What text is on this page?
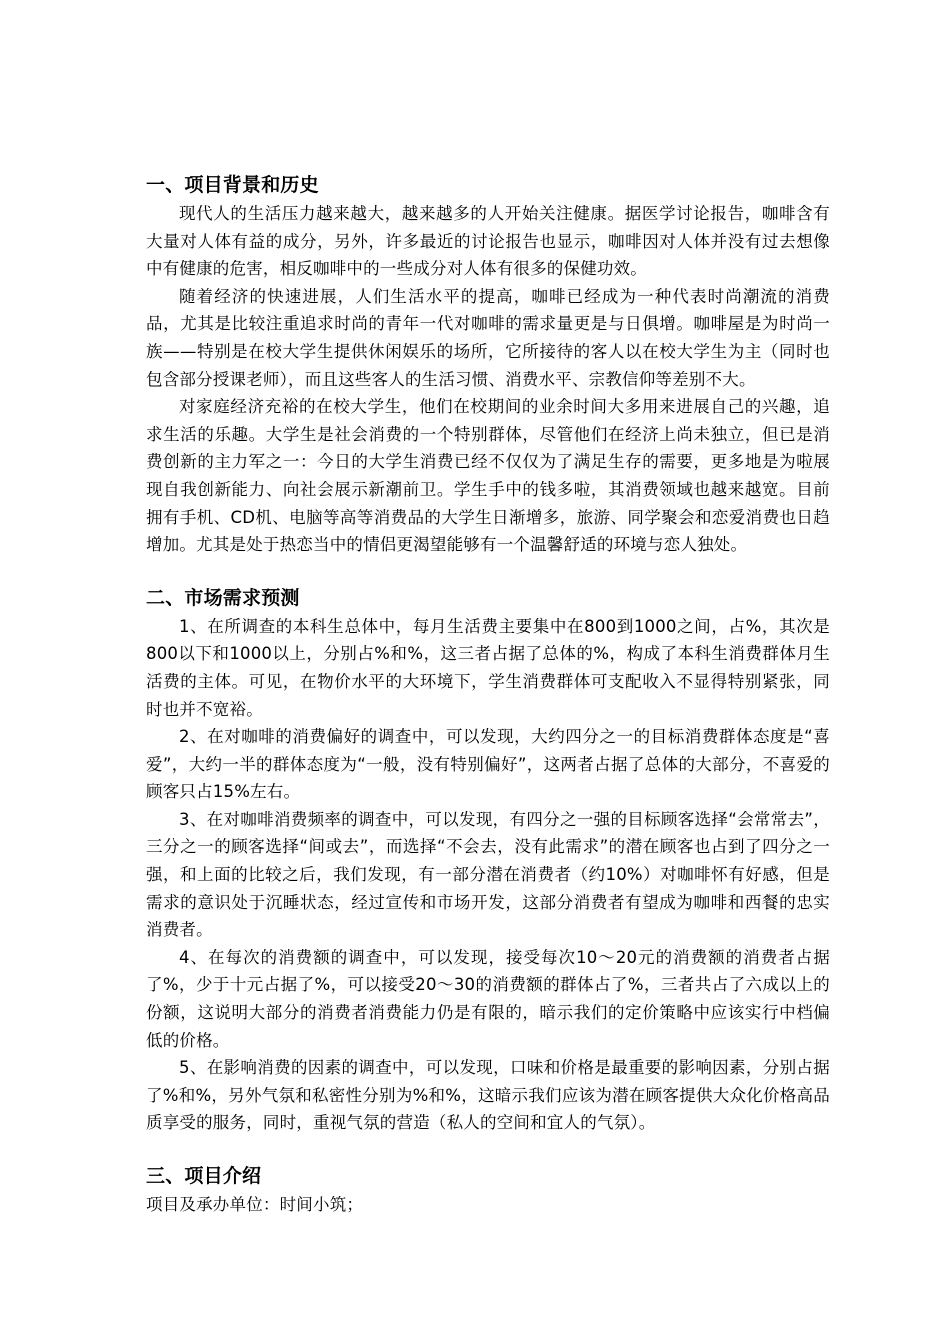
一、项目背景和历史

现代人的生活压力越来越大，越来越多的人开始关注健康。据医学讨论报告，咖啡含有大量对人体有益的成分，另外，许多最近的讨论报告也显示，咖啡因对人体并没有过去想像中有健康的危害，相反咖啡中的一些成分对人体有很多的保健功效。

随着经济的快速进展，人们生活水平的提高，咖啡已经成为一种代表时尚潮流的消费品，尤其是比较注重追求时尚的青年一代对咖啡的需求量更是与日俱增。咖啡屋是为时尚一族——特别是在校大学生提供休闲娱乐的场所，它所接待的客人以在校大学生为主（同时也包含部分授课老师），而且这些客人的生活习惯、消费水平、宗教信仰等差别不大。

对家庭经济充裕的在校大学生，他们在校期间的业余时间大多用来进展自己的兴趣，追求生活的乐趣。大学生是社会消费的一个特别群体，尽管他们在经济上尚未独立，但已是消费创新的主力军之一：今日的大学生消费已经不仅仅为了满足生存的需要，更多地是为啦展现自我创新能力、向社会展示新潮前卫。学生手中的钱多啦，其消费领域也越来越宽。目前拥有手机、CD机、电脑等高等消费品的大学生日渐增多，旅游、同学聚会和恋爱消费也日趋增加。尤其是处于热恋当中的情侣更渴望能够有一个温馨舒适的环境与恋人独处。

二、市场需求预测

1、在所调查的本科生总体中，每月生活费主要集中在800到1000之间，占%，其次是800以下和1000以上，分别占%和%，这三者占据了总体的%，构成了本科生消费群体月生活费的主体。可见，在物价水平的大环境下，学生消费群体可支配收入不显得特别紧张，同时也并不宽裕。

2、在对咖啡的消费偏好的调查中，可以发现，大约四分之一的目标消费群体态度是“喜爱”，大约一半的群体态度为“一般，没有特别偏好”，这两者占据了总体的大部分，不喜爱的顾客只占15%左右。

3、在对咖啡消费频率的调查中，可以发现，有四分之一强的目标顾客选择“会常常去”，三分之一的顾客选择“间或去”，而选择“不会去，没有此需求”的潜在顾客也占到了四分之一强，和上面的比较之后，我们发现，有一部分潜在消费者（约10%）对咖啡怀有好感，但是需求的意识处于沉睡状态，经过宣传和市场开发，这部分消费者有望成为咖啡和西餐的忠实消费者。

4、在每次的消费额的调查中，可以发现，接受每次10～20元的消费额的消费者占据了%，少于十元占据了%，可以接受20～30的消费额的群体占了%，三者共占了六成以上的份额，这说明大部分的消费者消费能力仍是有限的，暗示我们的定价策略中应该实行中档偏低的价格。

5、在影响消费的因素的调查中，可以发现，口味和价格是最重要的影响因素，分别占据了%和%，另外气氛和私密性分别为%和%，这暗示我们应该为潜在顾客提供大众化价格高品质享受的服务，同时，重视气氛的营造（私人的空间和宜人的气氛）。

三、项目介绍

项目及承办单位：时间小筑；
